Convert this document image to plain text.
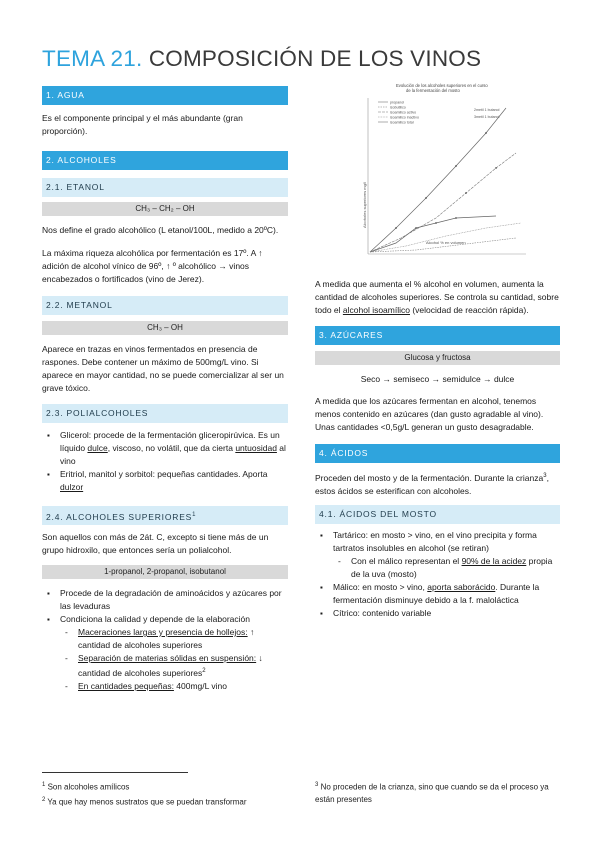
TEMA 21. COMPOSICIÓN DE LOS VINOS
1. AGUA

Es el componente principal y el más abundante (gran proporción).

2. ALCOHOLES
2.1. ETANOL
CH₃ – CH₂ – OH

Nos define el grado alcohólico (L etanol/100L, medido a 20ºC).

La máxima riqueza alcohólica por fermentación es 17º. A ↑ adición de alcohol vínico de 96º, ↑ º alcohólico → vinos encabezados o fortificados (vino de Jerez).

2.2. METANOL
CH₃ – OH

Aparece en trazas en vinos fermentados en presencia de raspones. Debe contener un máximo de 500mg/L vino. Si aparece en mayor cantidad, no se puede comercializar al ser un grave tóxico.

2.3. POLIALCOHOLES
▪ Glicerol: procede de la fermentación gliceropirúvica. Es un líquido dulce, viscoso, no volátil, que da cierta untuosidad al vino
▪ Eritriol, manitol y sorbitol: pequeñas cantidades. Aporta dulzor
2.4. ALCOHOLES SUPERIORES$^1$

Son aquellos con más de 2át. C, excepto si tiene más de un grupo hidroxilo, que entonces sería un polialcohol.

1-propanol, 2-propanol, isobutanol
▪ Procede de la degradación de aminoácidos y azúcares por las levaduras
▪ Condiciona la calidad y depende de la elaboración
- Maceraciones largas y presencia de hollejos: ↑ cantidad de alcoholes superiores
- Separación de materias sólidas en suspensión: ↓ cantidad de alcoholes superiores$^2$
- En cantidades pequeñas: 400mg/L vino
Evolución de los alcoholes superiores en el curso
de la fermentación del mosto
Alcoholes superiores mg/l
Alcohol % en volumen
propanol
isobutilico
isoamilico activo
isoamilico inactivo
isoamilico total
2metil 1 butanol
3metil 1 butanol

A medida que aumenta el % alcohol en volumen, aumenta la cantidad de alcoholes superiores. Se controla su cantidad, sobre todo el alcohol isoamílico (velocidad de reacción rápida).

3. AZÚCARES
Glucosa y fructosa

Seco → semiseco → semidulce → dulce

A medida que los azúcares fermentan en alcohol, tenemos menos contenido en azúcares (dan gusto agradable al vino). Unas cantidades <0,5g/L generan un gusto desagradable.

4. ÁCIDOS

Proceden del mosto y de la fermentación. Durante la crianza$^3$, estos ácidos se esterifican con alcoholes.

4.1. ÁCIDOS DEL MOSTO
▪ Tartárico: en mosto > vino, en el vino precipita y forma tartratos insolubles en alcohol (se retiran)
- Con el málico representan el 90% de la acidez propia de la uva (mosto)
▪ Málico: en mosto > vino, aporta saborácido. Durante la fermentación disminuye debido a la f. maloláctica
▪ Cítrico: contenido variable
$^1$ Son alcoholes amílicos
$^2$ Ya que hay menos sustratos que se puedan transformar
$^3$ No proceden de la crianza, sino que cuando se da el proceso ya están presentes
